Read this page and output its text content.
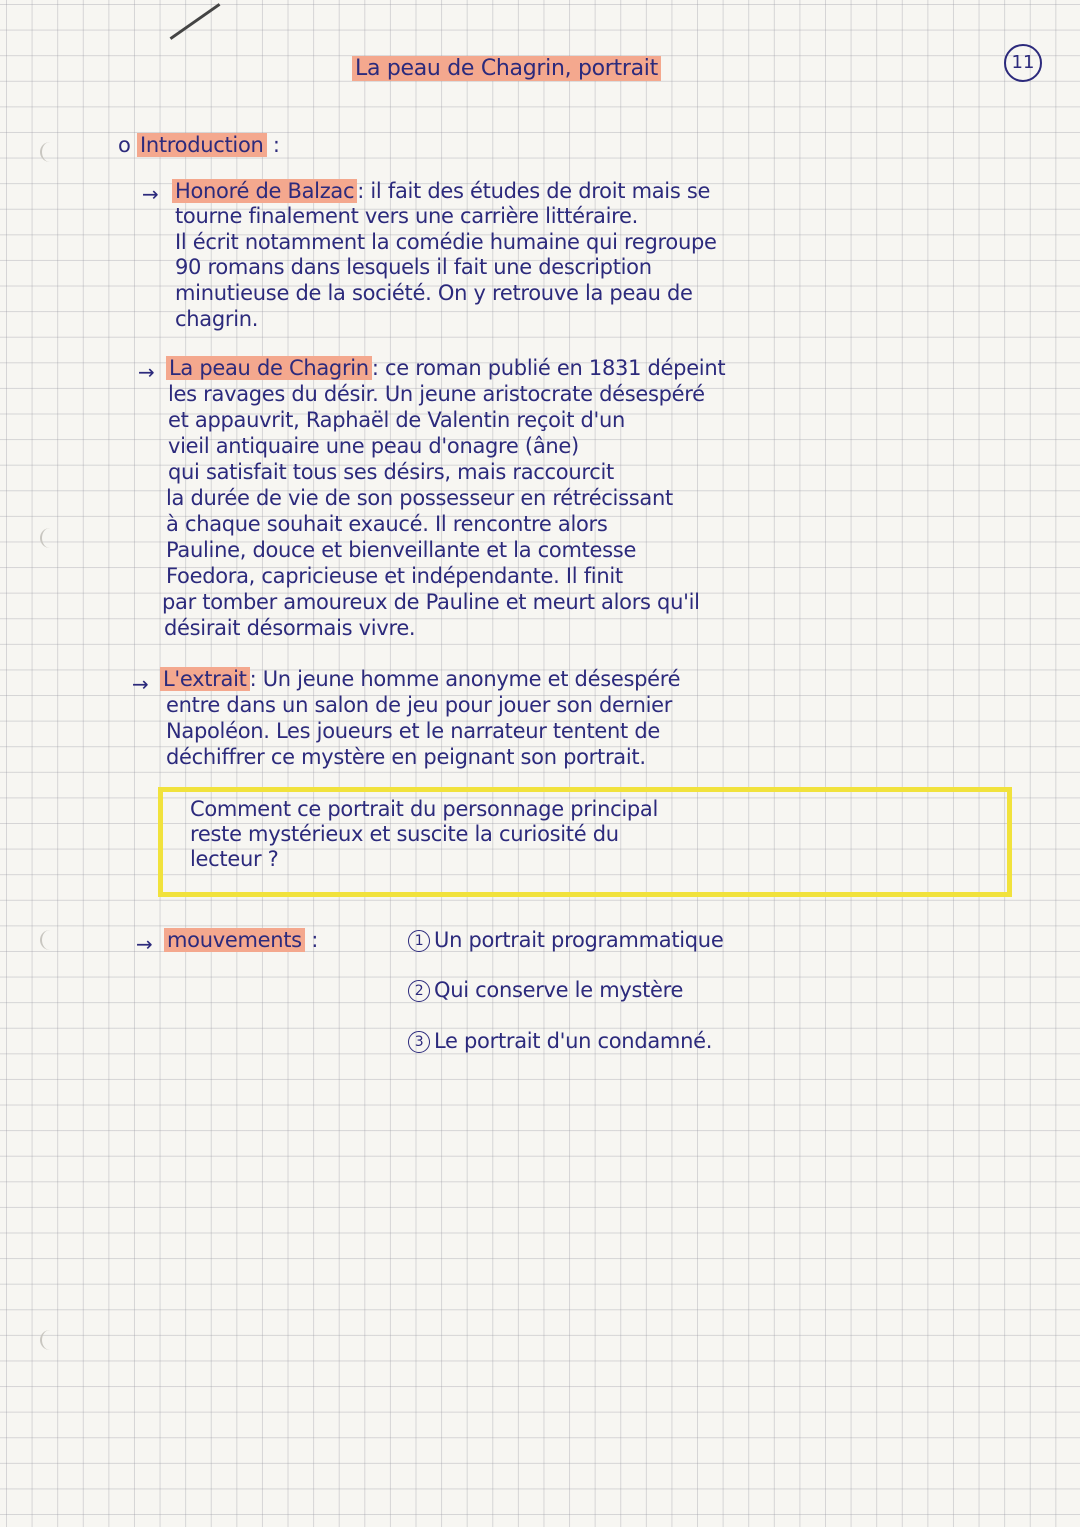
11
La peau de Chagrin, portrait
o Introduction :
→ Honoré de Balzac : il fait des études de droit mais se
tourne finalement vers une carrière littéraire.
Il écrit notamment la comédie humaine qui regroupe
90 romans dans lesquels il fait une description
minutieuse de la société. On y retrouve la peau de
chagrin.
→ La peau de Chagrin : ce roman publié en 1831 dépeint
les ravages du désir. Un jeune aristocrate désespéré
et appauvrit, Raphaël de Valentin reçoit d'un
vieil antiquaire une peau d'onagre (âne)
qui satisfait tous ses désirs, mais raccourcit
la durée de vie de son possesseur en rétrécissant
à chaque souhait exaucé. Il rencontre alors
Pauline, douce et bienveillante et la comtesse
Foedora, capricieuse et indépendante. Il finit
par tomber amoureux de Pauline et meurt alors qu'il
désirait désormais vivre.
→ L'extrait : Un jeune homme anonyme et désespéré
entre dans un salon de jeu pour jouer son dernier
Napoléon. Les joueurs et le narrateur tentent de
déchiffrer ce mystère en peignant son portrait.
Comment ce portrait du personnage principal
reste mystérieux et suscite la curiosité du
lecteur ?
→ mouvements :	1 Un portrait programmatique
2 Qui conserve le mystère
3 Le portrait d'un condamné.
